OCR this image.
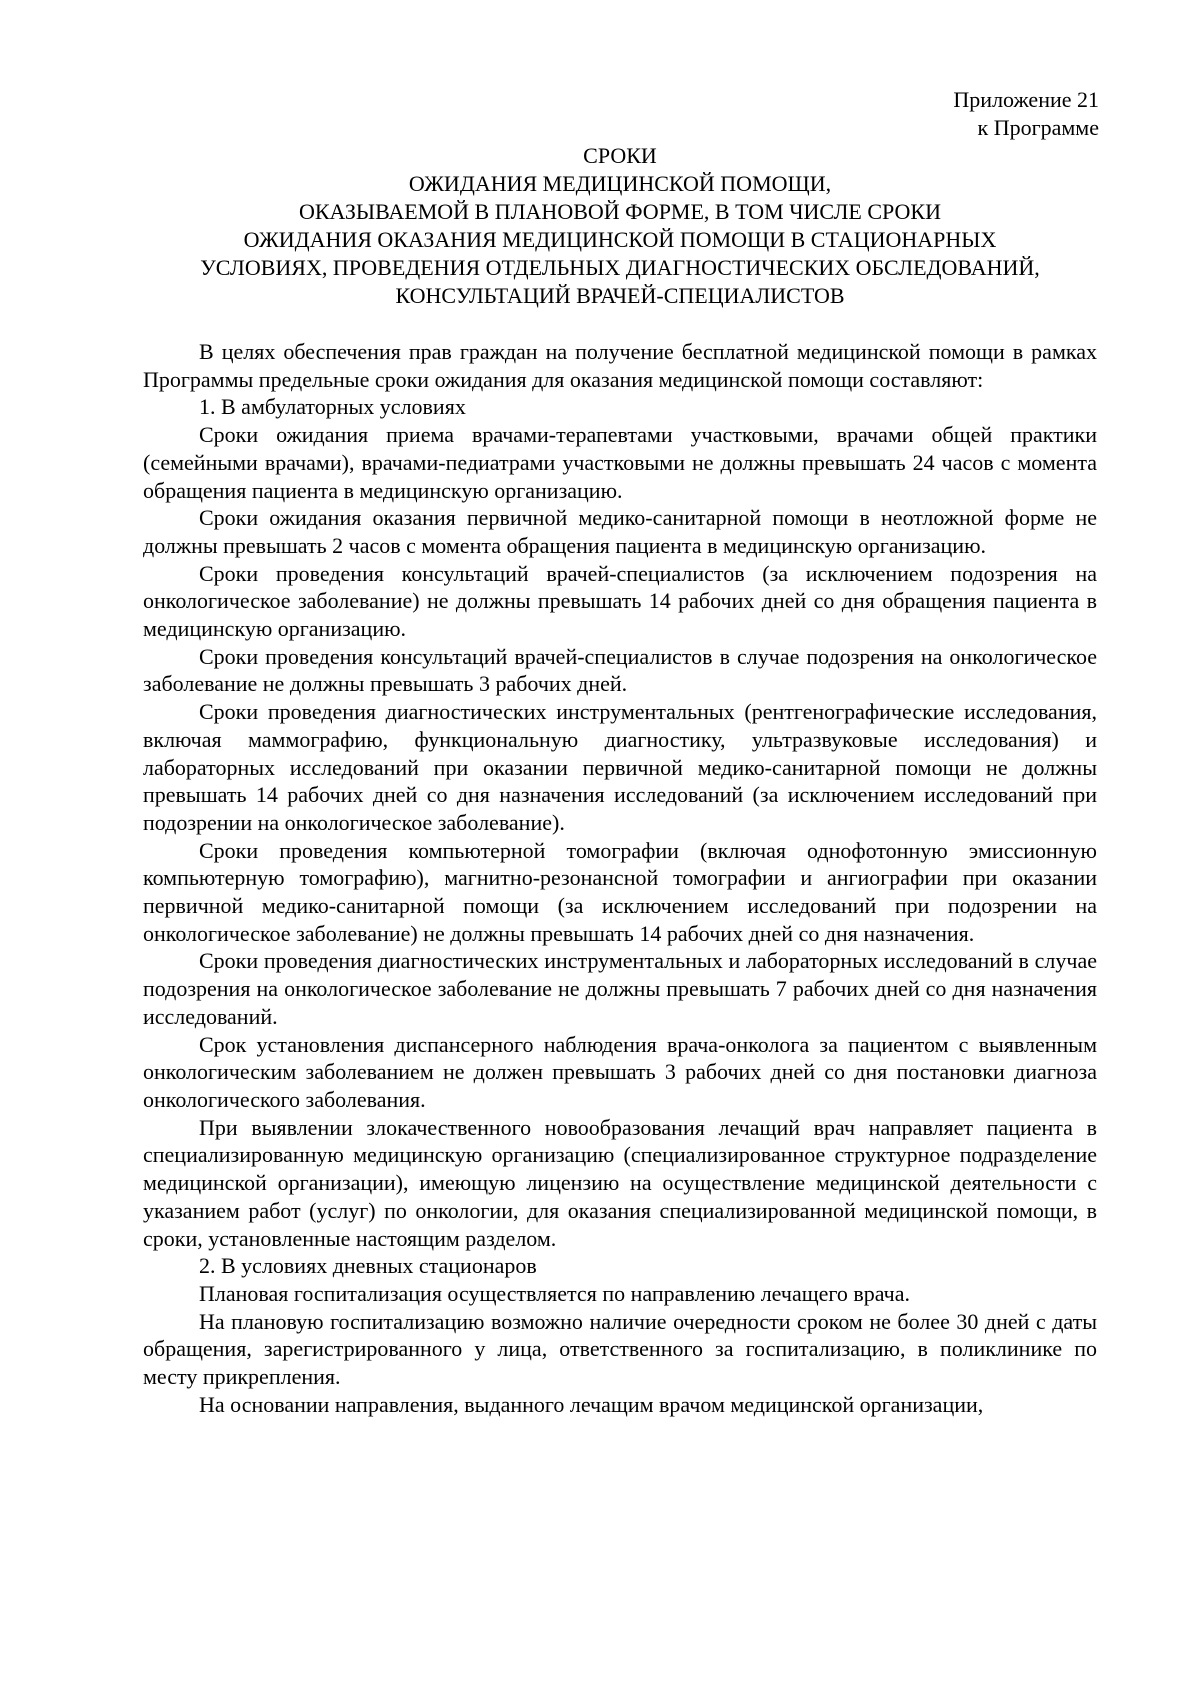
Приложение 21
к Программе
СРОКИ
ОЖИДАНИЯ МЕДИЦИНСКОЙ ПОМОЩИ,
ОКАЗЫВАЕМОЙ В ПЛАНОВОЙ ФОРМЕ, В ТОМ ЧИСЛЕ СРОКИ
ОЖИДАНИЯ ОКАЗАНИЯ МЕДИЦИНСКОЙ ПОМОЩИ В СТАЦИОНАРНЫХ
УСЛОВИЯХ, ПРОВЕДЕНИЯ ОТДЕЛЬНЫХ ДИАГНОСТИЧЕСКИХ ОБСЛЕДОВАНИЙ,
КОНСУЛЬТАЦИЙ ВРАЧЕЙ-СПЕЦИАЛИСТОВ

В целях обеспечения прав граждан на получение бесплатной медицинской помощи в рамках Программы предельные сроки ожидания для оказания медицинской помощи составляют:

1. В амбулаторных условиях

Сроки ожидания приема врачами-терапевтами участковыми, врачами общей практики (семейными врачами), врачами-педиатрами участковыми не должны превышать 24 часов с момента обращения пациента в медицинскую организацию.

Сроки ожидания оказания первичной медико-санитарной помощи в неотложной форме не должны превышать 2 часов с момента обращения пациента в медицинскую организацию.

Сроки проведения консультаций врачей-специалистов (за исключением подозрения на онкологическое заболевание) не должны превышать 14 рабочих дней со дня обращения пациента в медицинскую организацию.

Сроки проведения консультаций врачей-специалистов в случае подозрения на онкологическое заболевание не должны превышать 3 рабочих дней.

Сроки проведения диагностических инструментальных (рентгенографические исследования, включая маммографию, функциональную диагностику, ультразвуковые исследования) и лабораторных исследований при оказании первичной медико-санитарной помощи не должны превышать 14 рабочих дней со дня назначения исследований (за исключением исследований при подозрении на онкологическое заболевание).

Сроки проведения компьютерной томографии (включая однофотонную эмиссионную компьютерную томографию), магнитно-резонансной томографии и ангиографии при оказании первичной медико-санитарной помощи (за исключением исследований при подозрении на онкологическое заболевание) не должны превышать 14 рабочих дней со дня назначения.

Сроки проведения диагностических инструментальных и лабораторных исследований в случае подозрения на онкологическое заболевание не должны превышать 7 рабочих дней со дня назначения исследований.

Срок установления диспансерного наблюдения врача-онколога за пациентом с выявленным онкологическим заболеванием не должен превышать 3 рабочих дней со дня постановки диагноза онкологического заболевания.

При выявлении злокачественного новообразования лечащий врач направляет пациента в специализированную медицинскую организацию (специализированное структурное подразделение медицинской организации), имеющую лицензию на осуществление медицинской деятельности с указанием работ (услуг) по онкологии, для оказания специализированной медицинской помощи, в сроки, установленные настоящим разделом.

2. В условиях дневных стационаров

Плановая госпитализация осуществляется по направлению лечащего врача.

На плановую госпитализацию возможно наличие очередности сроком не более 30 дней с даты обращения, зарегистрированного у лица, ответственного за госпитализацию, в поликлинике по месту прикрепления.

На основании направления, выданного лечащим врачом медицинской организации,
